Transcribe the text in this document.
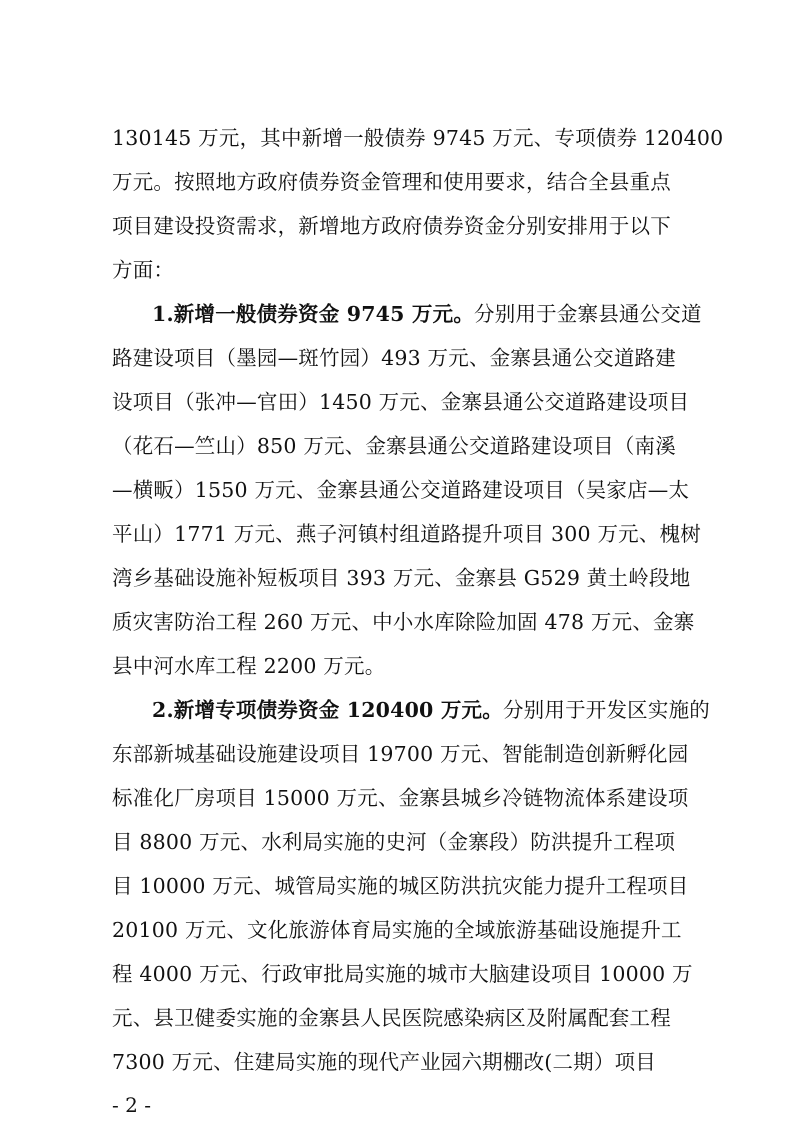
130145 万元，其中新增一般债券 9745 万元、专项债券 120400
万元。按照地方政府债券资金管理和使用要求，结合全县重点
项目建设投资需求，新增地方政府债券资金分别安排用于以下
方面：
1.新增一般债券资金 9745 万元。分别用于金寨县通公交道
路建设项目（墨园—斑竹园）493 万元、金寨县通公交道路建
设项目（张冲—官田）1450 万元、金寨县通公交道路建设项目
（花石—竺山）850 万元、金寨县通公交道路建设项目（南溪
—横畈）1550 万元、金寨县通公交道路建设项目（吴家店—太
平山）1771 万元、燕子河镇村组道路提升项目 300 万元、槐树
湾乡基础设施补短板项目 393 万元、金寨县 G529 黄土岭段地
质灾害防治工程 260 万元、中小水库除险加固 478 万元、金寨
县中河水库工程 2200 万元。
2.新增专项债券资金 120400 万元。分别用于开发区实施的
东部新城基础设施建设项目 19700 万元、智能制造创新孵化园
标准化厂房项目 15000 万元、金寨县城乡冷链物流体系建设项
目 8800 万元、水利局实施的史河（金寨段）防洪提升工程项
目 10000 万元、城管局实施的城区防洪抗灾能力提升工程项目
20100 万元、文化旅游体育局实施的全域旅游基础设施提升工
程 4000 万元、行政审批局实施的城市大脑建设项目 10000 万
元、县卫健委实施的金寨县人民医院感染病区及附属配套工程
7300 万元、住建局实施的现代产业园六期棚改(二期）项目
- 2 -
